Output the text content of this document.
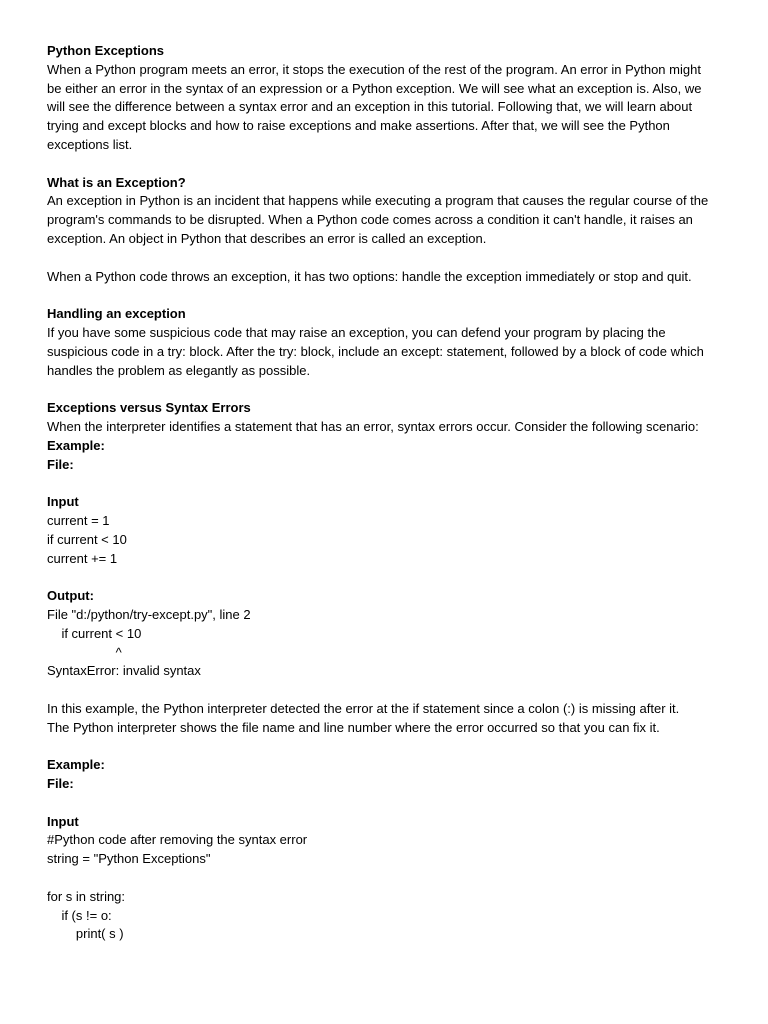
Python Exceptions
When a Python program meets an error, it stops the execution of the rest of the program. An error in Python might
be either an error in the syntax of an expression or a Python exception. We will see what an exception is. Also, we
will see the difference between a syntax error and an exception in this tutorial. Following that, we will learn about
trying and except blocks and how to raise exceptions and make assertions. After that, we will see the Python
exceptions list.
What is an Exception?
An exception in Python is an incident that happens while executing a program that causes the regular course of the
program's commands to be disrupted. When a Python code comes across a condition it can't handle, it raises an
exception. An object in Python that describes an error is called an exception.
When a Python code throws an exception, it has two options: handle the exception immediately or stop and quit.
Handling an exception
If you have some suspicious code that may raise an exception, you can defend your program by placing the
suspicious code in a try: block. After the try: block, include an except: statement, followed by a block of code which
handles the problem as elegantly as possible.
Exceptions versus Syntax Errors
When the interpreter identifies a statement that has an error, syntax errors occur. Consider the following scenario:
Example:
File:
Input
current = 1
if current < 10
current += 1
Output:
File "d:/python/try-except.py", line 2
if current < 10
^
SyntaxError: invalid syntax
In this example, the Python interpreter detected the error at the if statement since a colon (:) is missing after it.
The Python interpreter shows the file name and line number where the error occurred so that you can fix it.
Example:
File:
Input
#Python code after removing the syntax error
string = "Python Exceptions"
for s in string:
if (s != o:
print( s )
